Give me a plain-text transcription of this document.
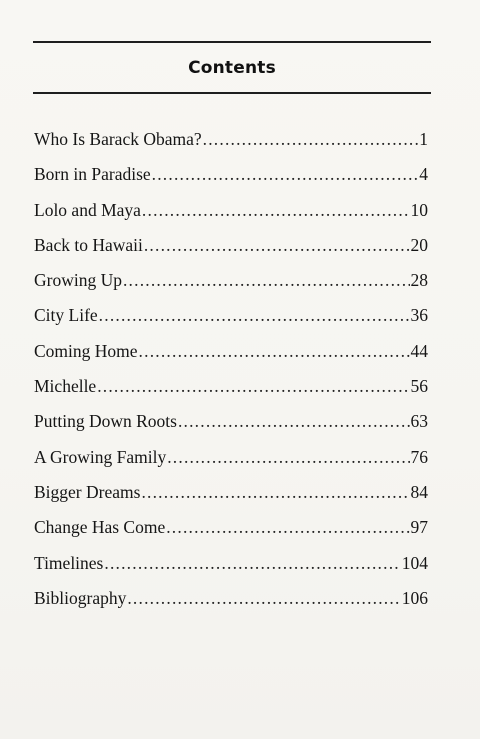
Contents
Who Is Barack Obama? .....	1
Born in Paradise .....	4
Lolo and Maya .....	10
Back to Hawaii .....	20
Growing Up .....	28
City Life .....	36
Coming Home .....	44
Michelle .....	56
Putting Down Roots .....	63
A Growing Family .....	76
Bigger Dreams .....	84
Change Has Come .....	97
Timelines .....	104
Bibliography .....	106
